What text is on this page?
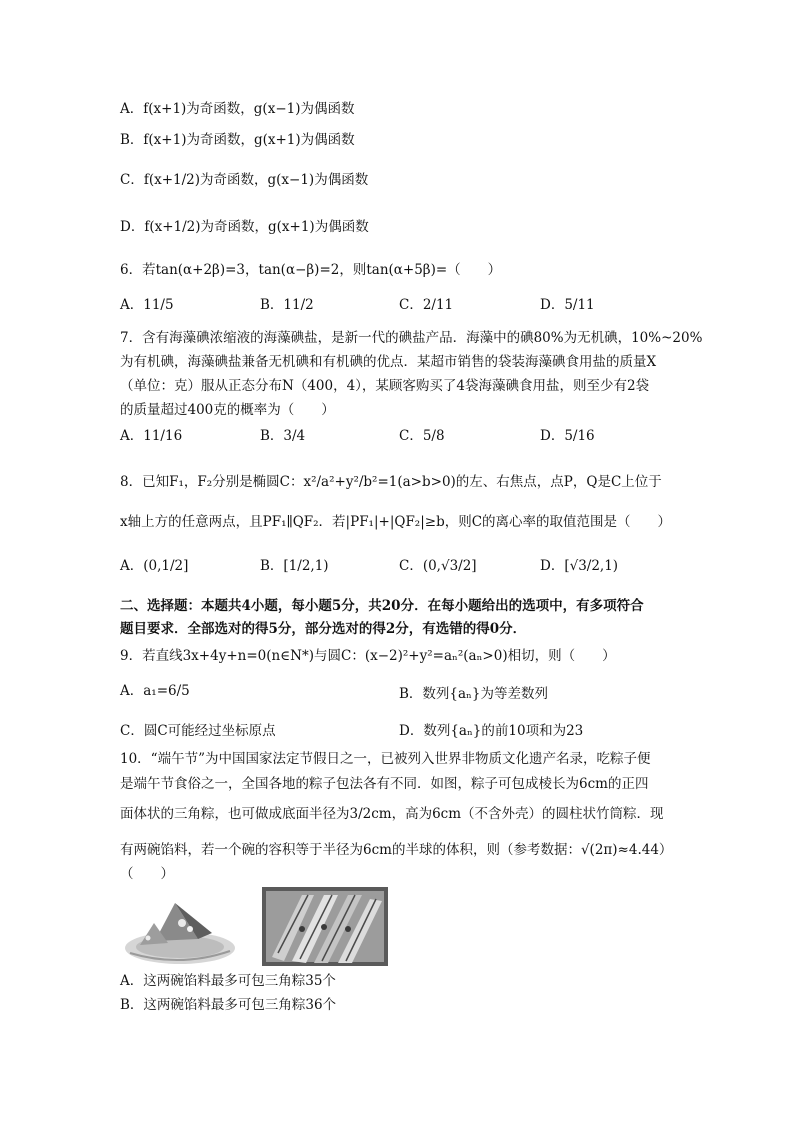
A．f(x+1)为奇函数，g(x−1)为偶函数
B．f(x+1)为奇函数，g(x+1)为偶函数
C．f(x+1/2)为奇函数，g(x−1)为偶函数
D．f(x+1/2)为奇函数，g(x+1)为偶函数
6．若tan(α+2β)=3，tan(α−β)=2，则tan(α+5β)=（　　）
A．11/5	B．11/2	C．2/11	D．5/11
7．含有海藻碘浓缩液的海藻碘盐，是新一代的碘盐产品．海藻中的碘80%为无机碘，10%~20%
为有机碘，海藻碘盐兼备无机碘和有机碘的优点．某超市销售的袋装海藻碘食用盐的质量X
（单位：克）服从正态分布N（400，4），某顾客购买了4袋海藻碘食用盐，则至少有2袋
的质量超过400克的概率为（　　）
A．11/16	B．3/4	C．5/8	D．5/16
8．已知F₁，F₂分别是椭圆C：x²/a²+y²/b²=1(a>b>0)的左、右焦点，点P，Q是C上位于
x轴上方的任意两点，且PF₁∥QF₂．若|PF₁|+|QF₂|≥b，则C的离心率的取值范围是（　　）
A．(0,1/2]	B．[1/2,1)	C．(0,√3/2]	D．[√3/2,1)
二、选择题：本题共4小题，每小题5分，共20分．在每小题给出的选项中，有多项符合
题目要求．全部选对的得5分，部分选对的得2分，有选错的得0分．
9．若直线3x+4y+n=0(n∈N*)与圆C：(x−2)²+y²=aₙ²(aₙ>0)相切，则（　　）
A．a₁=6/5	B．数列{aₙ}为等差数列
C．圆C可能经过坐标原点	D．数列{aₙ}的前10项和为23
10．“端午节”为中国国家法定节假日之一，已被列入世界非物质文化遗产名录，吃粽子便
是端午节食俗之一，全国各地的粽子包法各有不同．如图，粽子可包成棱长为6cm的正四
面体状的三角粽，也可做成底面半径为3/2cm，高为6cm（不含外壳）的圆柱状竹筒粽．现
有两碗馅料，若一个碗的容积等于半径为6cm的半球的体积，则（参考数据：√(2π)≈4.44）
（　　）
A．这两碗馅料最多可包三角粽35个
B．这两碗馅料最多可包三角粽36个
